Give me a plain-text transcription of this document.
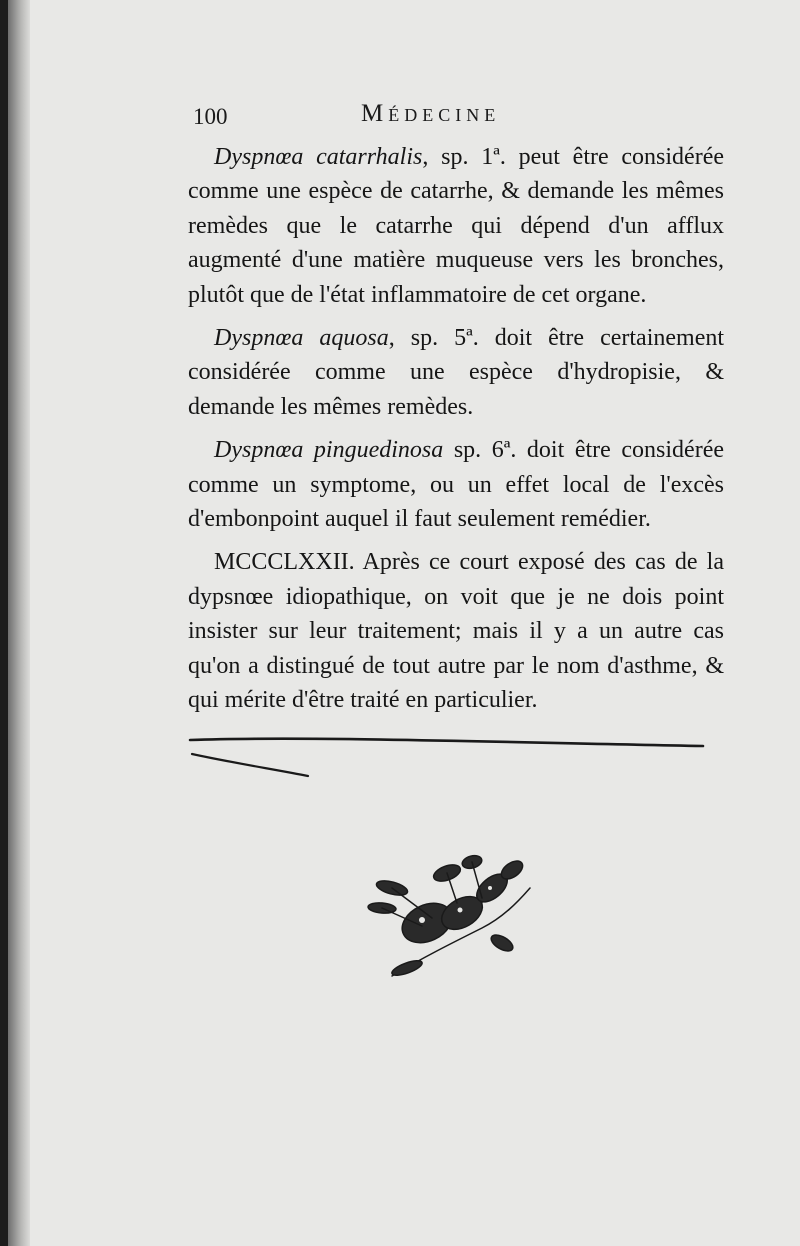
100	Médecine

Dyspnœa catarrhalis, sp. 1ª. peut être considérée comme une espèce de catarrhe, & demande les mêmes remèdes que le catarrhe qui dépend d'un afflux augmenté d'une matière muqueuse vers les bronches, plutôt que de l'état inflammatoire de cet organe.

Dyspnœa aquosa, sp. 5ª. doit être certainement considérée comme une espèce d'hydropisie, & demande les mêmes remèdes.

Dyspnœa pinguedinosa sp. 6ª. doit être considérée comme un symptome, ou un effet local de l'excès d'embonpoint auquel il faut seulement remédier.

MCCCLXXII. Après ce court exposé des cas de la dypsnœe idiopathique, on voit que je ne dois point insister sur leur traitement; mais il y a un autre cas qu'on a distingué de tout autre par le nom d'asthme, & qui mérite d'être traité en particulier.
